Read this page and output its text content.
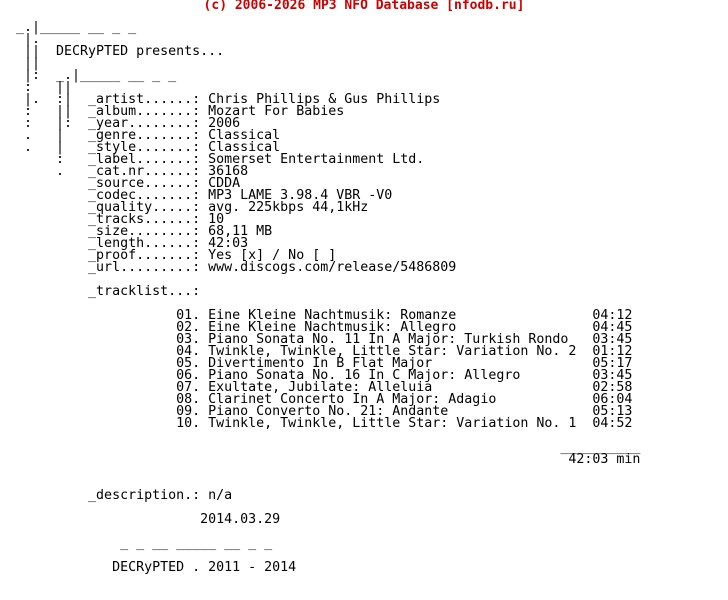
(c) 2006-2026 MP3 NFO Database [nfodb.ru]
_.|_____ __ _ _
|.
||  DECRyPTED presents...
||
|:  _.|_____ __ _ _
:   ||
|.  :|  _artist......: Chris Phillips & Gus Phillips
:   ||  _album.......: Mozart For Babies
:   |:  _year........: 2006
.   |   _genre.......: Classical
.   |   _style.......: Classical
:   _label.......: Somerset Entertainment Ltd.
.   _cat.nr......: 36168
_source......: CDDA
_codec.......: MP3 LAME 3.98.4 VBR -V0
_quality.....: avg. 225kbps 44,1kHz
_tracks......: 10
_size........: 68,11 MB
_length......: 42:03
_proof.......: Yes [x] / No [ ]
_url.........: www.discogs.com/release/5486809
_tracklist...:
01. Eine Kleine Nachtmusik: Romanze                 04:12
02. Eine Kleine Nachtmusik: Allegro                 04:45
03. Piano Sonata No. 11 In A Major: Turkish Rondo   03:45
04. Twinkle, Twinkle, Little Star: Variation No. 2  01:12
05. Divertimento In B Flat Major                    05:17
06. Piano Sonata No. 16 In C Major: Allegro         03:45
07. Exultate, Jubilate: Alleluia                    02:58
08. Clarinet Concerto In A Major: Adagio            06:04
09. Piano Converto No. 21: Andante                  05:13
10. Twinkle, Twinkle, Little Star: Variation No. 1  04:52
__________
42:03 min
_description.: n/a
2014.03.29
_ _ __ _____ __ _ _
DECRyPTED . 2011 - 2014
